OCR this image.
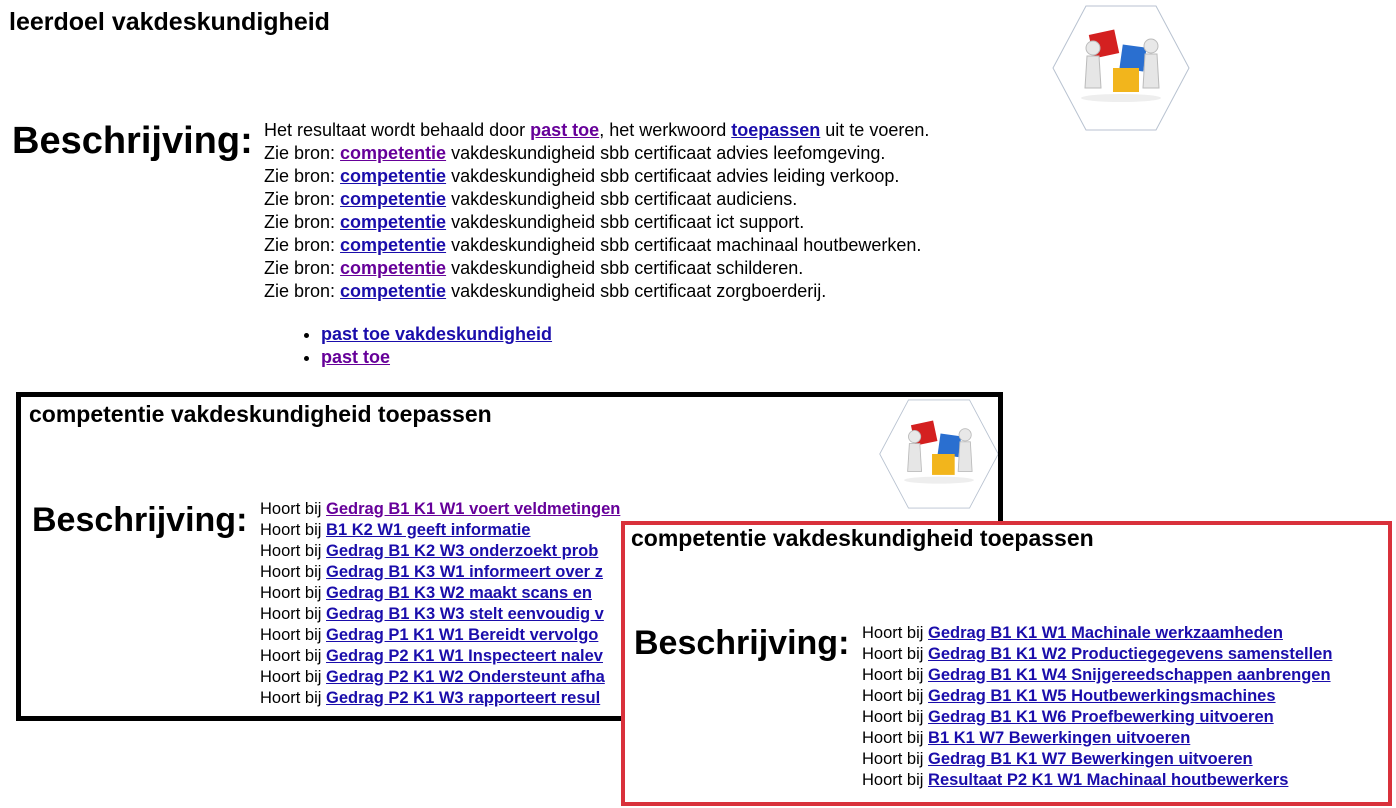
leerdoel vakdeskundigheid
Beschrijving: Het resultaat wordt behaald door past toe, het werkwoord toepassen uit te voeren.
Zie bron: competentie vakdeskundigheid sbb certificaat advies leefomgeving.
Zie bron: competentie vakdeskundigheid sbb certificaat advies leiding verkoop.
Zie bron: competentie vakdeskundigheid sbb certificaat audiciens.
Zie bron: competentie vakdeskundigheid sbb certificaat ict support.
Zie bron: competentie vakdeskundigheid sbb certificaat machinaal houtbewerken.
Zie bron: competentie vakdeskundigheid sbb certificaat schilderen.
Zie bron: competentie vakdeskundigheid sbb certificaat zorgboerderij.
• past toe vakdeskundigheid
• past toe
competentie vakdeskundigheid toepassen
Beschrijving: Hoort bij Gedrag B1 K1 W1 voert veldmetingen
Hoort bij B1 K2 W1 geeft informatie
Hoort bij Gedrag B1 K2 W3 onderzoekt prob
Hoort bij Gedrag B1 K3 W1 informeert over z
Hoort bij Gedrag B1 K3 W2 maakt scans en
Hoort bij Gedrag B1 K3 W3 stelt eenvoudig v
Hoort bij Gedrag P1 K1 W1 Bereidt vervolgo
Hoort bij Gedrag P2 K1 W1 Inspecteert nalev
Hoort bij Gedrag P2 K1 W2 Ondersteunt afha
Hoort bij Gedrag P2 K1 W3 rapporteert resul
competentie vakdeskundigheid toepassen
Beschrijving: Hoort bij Gedrag B1 K1 W1 Machinale werkzaamheden
Hoort bij Gedrag B1 K1 W2 Productiegegevens samenstellen
Hoort bij Gedrag B1 K1 W4 Snijgereedschappen aanbrengen
Hoort bij Gedrag B1 K1 W5 Houtbewerkingsmachines
Hoort bij Gedrag B1 K1 W6 Proefbewerking uitvoeren
Hoort bij B1 K1 W7 Bewerkingen uitvoeren
Hoort bij Gedrag B1 K1 W7 Bewerkingen uitvoeren
Hoort bij Resultaat P2 K1 W1 Machinaal houtbewerkers
